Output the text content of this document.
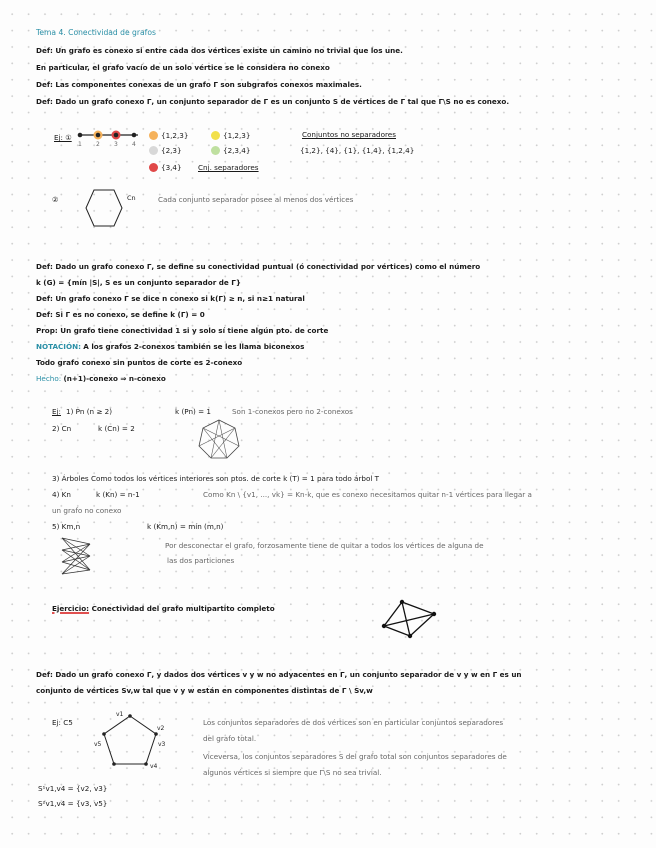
Tema 4. Conectividad de grafos
Def: Un grafo es conexo si entre cada dos vértices existe un camino no trivial que los une.
En particular, el grafo vacío de un solo vértice se le considera no conexo
Def: Las componentes conexas de un grafo Γ son subgrafos conexos maximales.
Def: Dado un grafo conexo Γ, un conjunto separador de Γ es un conjunto S de vértices de Γ tal que Γ\S no es conexo.
Ej: ①
1 2 3 4
{1,2,3}	{1,2,3}
{2,3}	{2,3,4}
{3,4} Cnj. separadores
Conjuntos no separadores
{1,2}, {4}, {1}, {1,4}, {1,2,4}
②	Cn	Cada conjunto separador posee al menos dos vértices
Def: Dado un grafo conexo Γ, se define su conectividad puntual (ó conectividad por vértices) como el número
k (G) = {mín |S|, S es un conjunto separador de Γ}
Def: Un grafo conexo Γ se dice n conexo si k(Γ) ≥ n, si n≥1 natural
Def: Si Γ es no conexo, se define k (Γ) = 0
Prop: Un grafo tiene conectividad 1 si y solo sí tiene algún pto. de corte
NOTACIÓN: A los grafos 2-conexos también se les llama biconexos
Todo grafo conexo sin puntos de corte es 2-conexo
Hecho: (n+1)-conexo ⇒ n-conexo
Ej: 1) Pn (n ≥ 2)	k (Pn) = 1	Son 1-conexos pero no 2-conexos
2) Cn	k (Cn) = 2
3) Árboles Como todos los vértices interiores son ptos. de corte k (T) = 1 para todo árbol T
4) Kn	k (Kn) = n-1	Como Kn \ {v1, ..., vk} = Kn-k, que es conexo necesitamos quitar n-1 vértices para llegar a
un grafo no conexo
5) Km,n	k (Km,n) = mín (m,n)
Por desconectar el grafo, forzosamente tiene de quitar a todos los vértices de alguna de
las dos particiones
Ejercicio: Conectividad del grafo multipartito completo
Def: Dado un grafo conexo Γ, y dados dos vértices v y w no adyacentes en Γ, un conjunto separador de v y w en Γ es un
conjunto de vértices Sv,w tal que v y w están en componentes distintas de Γ \ Sv,w
Ej: C5
v1
v2
v3
v4
v5
Los conjuntos separadores de dos vértices son en particular conjuntos separadores
del grafo total.
Viceversa, los conjuntos separadores S del grafo total son conjuntos separadores de
algunos vértices si siempre que Γ\S no sea trivial.
S¹v1,v4 = {v2, v3}
S²v1,v4 = {v3, v5}
